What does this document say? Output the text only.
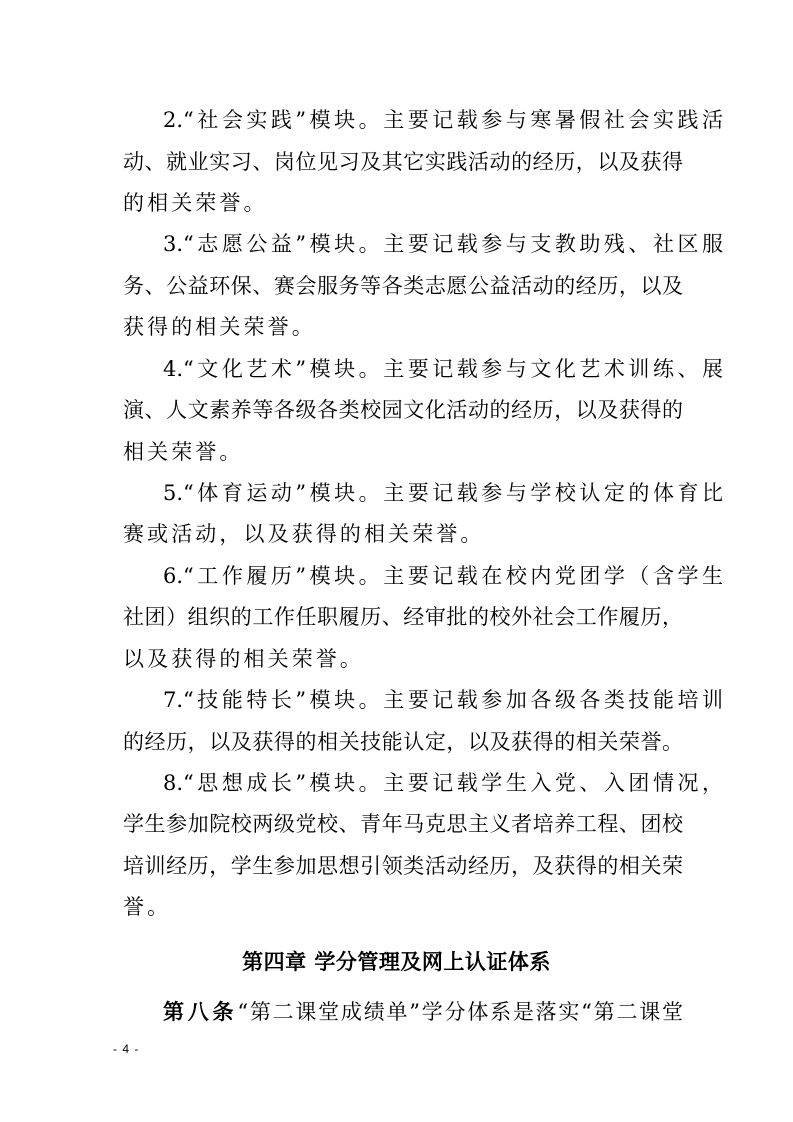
2.“社会实践”模块。主要记载参与寒暑假社会实践活
动、就业实习、岗位见习及其它实践活动的经历，以及获得
的相关荣誉。
3.“志愿公益”模块。主要记载参与支教助残、社区服
务、公益环保、赛会服务等各类志愿公益活动的经历，以及
获得的相关荣誉。
4.“文化艺术”模块。主要记载参与文化艺术训练、展
演、人文素养等各级各类校园文化活动的经历，以及获得的
相关荣誉。
5.“体育运动”模块。主要记载参与学校认定的体育比
赛或活动，以及获得的相关荣誉。
6.“工作履历”模块。主要记载在校内党团学（含学生
社团）组织的工作任职履历、经审批的校外社会工作履历，
以及获得的相关荣誉。
7.“技能特长”模块。主要记载参加各级各类技能培训
的经历，以及获得的相关技能认定，以及获得的相关荣誉。
8.“思想成长”模块。主要记载学生入党、入团情况，
学生参加院校两级党校、青年马克思主义者培养工程、团校
培训经历，学生参加思想引领类活动经历，及获得的相关荣
誉。
第四章 学分管理及网上认证体系
第八条“第二课堂成绩单”学分体系是落实“第二课堂
- 4 -
